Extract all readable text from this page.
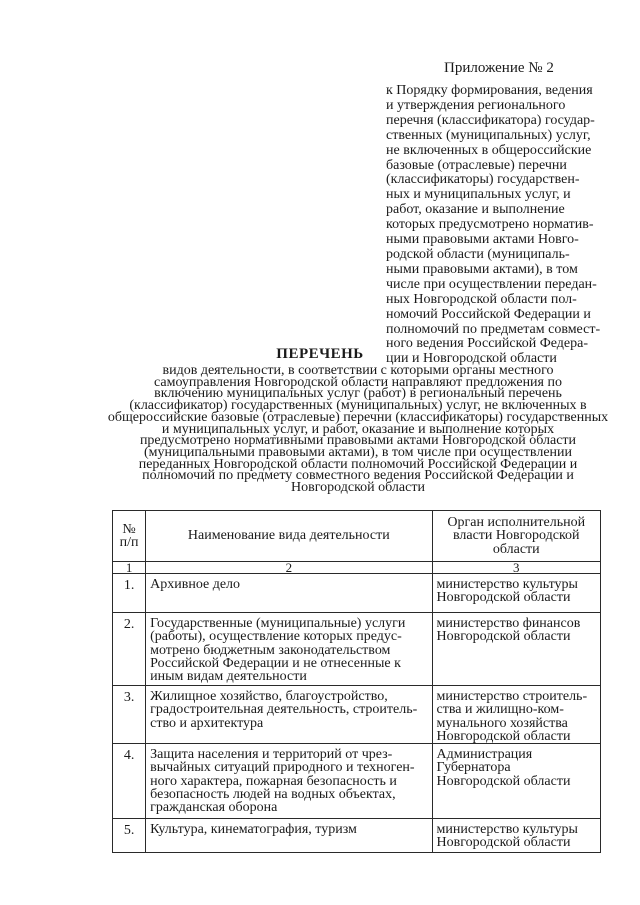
Приложение № 2
к Порядку формирования, ведения
и утверждения регионального
перечня (классификатора) государ-
ственных (муниципальных) услуг,
не включенных в общероссийские
базовые (отраслевые) перечни
(классификаторы) государствен-
ных и муниципальных услуг, и
работ, оказание и выполнение
которых предусмотрено норматив-
ными правовыми актами Новго-
родской области (муниципаль-
ными правовыми актами), в том
числе при осуществлении передан-
ных Новгородской области пол-
номочий Российской Федерации и
полномочий по предметам совмест-
ного ведения Российской Федера-
ции и Новгородской области
ПЕРЕЧЕНЬ
видов деятельности, в соответствии с которыми органы местного
самоуправления Новгородской области направляют предложения по
включению муниципальных услуг (работ) в региональный перечень
(классификатор) государственных (муниципальных) услуг, не включенных в
общероссийские базовые (отраслевые) перечни (классификаторы) государственных
и муниципальных услуг, и работ, оказание и выполнение которых
предусмотрено нормативными правовыми актами Новгородской области
(муниципальными правовыми актами), в том числе при осуществлении
переданных Новгородской области полномочий Российской Федерации и
полномочий по предмету совместного ведения Российской Федерации и
Новгородской области
№ п/п	Наименование вида деятельности	Орган исполнительной власти Новгородской области
1	2	3
1.	Архивное дело	министерство культуры
Новгородской области

2.	Государственные (муниципальные) услуги
(работы), осуществление которых предус-
мотрено бюджетным законодательством
Российской Федерации и не отнесенные к
иным видам деятельности	министерство финансов
Новгородской области

3.	Жилищное хозяйство, благоустройство,
градостроительная деятельность, строитель-
ство и архитектура	министерство строитель-
ства и жилищно-ком-
мунального хозяйства
Новгородской области

4.	Защита населения и территорий от чрез-
вычайных ситуаций природного и техноген-
ного характера, пожарная безопасность и
безопасность людей на водных объектах,
гражданская оборона	Администрация
Губернатора
Новгородской области

5.	Культура, кинематография, туризм	министерство культуры
Новгородской области
